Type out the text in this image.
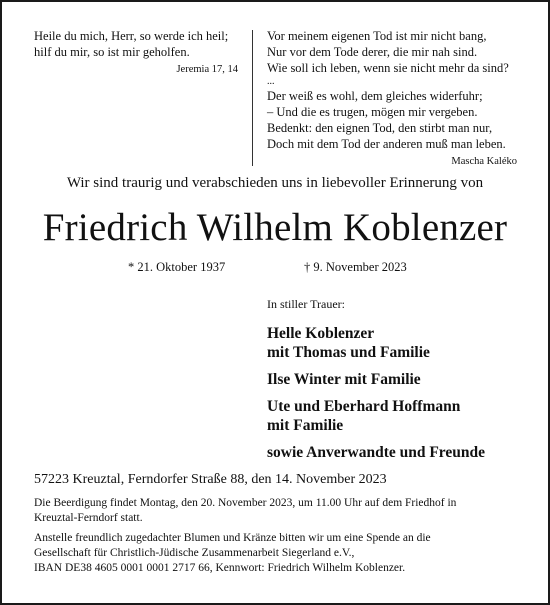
Heile du mich, Herr, so werde ich heil;
hilf du mir, so ist mir geholfen.
Jeremia 17, 14
Vor meinem eigenen Tod ist mir nicht bang,
Nur vor dem Tode derer, die mir nah sind.
Wie soll ich leben, wenn sie nicht mehr da sind?
...
Der weiß es wohl, dem gleiches widerfuhr;
– Und die es trugen, mögen mir vergeben.
Bedenkt: den eignen Tod, den stirbt man nur,
Doch mit dem Tod der anderen muß man leben.
Mascha Kaléko
Wir sind traurig und verabschieden uns in liebevoller Erinnerung von
Friedrich Wilhelm Koblenzer
* 21. Oktober 1937	† 9. November 2023
In stiller Trauer:
Helle Koblenzer
mit Thomas und Familie
Ilse Winter mit Familie
Ute und Eberhard Hoffmann
mit Familie
sowie Anverwandte und Freunde
57223 Kreuztal, Ferndorfer Straße 88, den 14. November 2023
Die Beerdigung findet Montag, den 20. November 2023, um 11.00 Uhr auf dem Friedhof in
Kreuztal-Ferndorf statt.
Anstelle freundlich zugedachter Blumen und Kränze bitten wir um eine Spende an die
Gesellschaft für Christlich-Jüdische Zusammenarbeit Siegerland e.V.,
IBAN DE38 4605 0001 0001 2717 66, Kennwort: Friedrich Wilhelm Koblenzer.
